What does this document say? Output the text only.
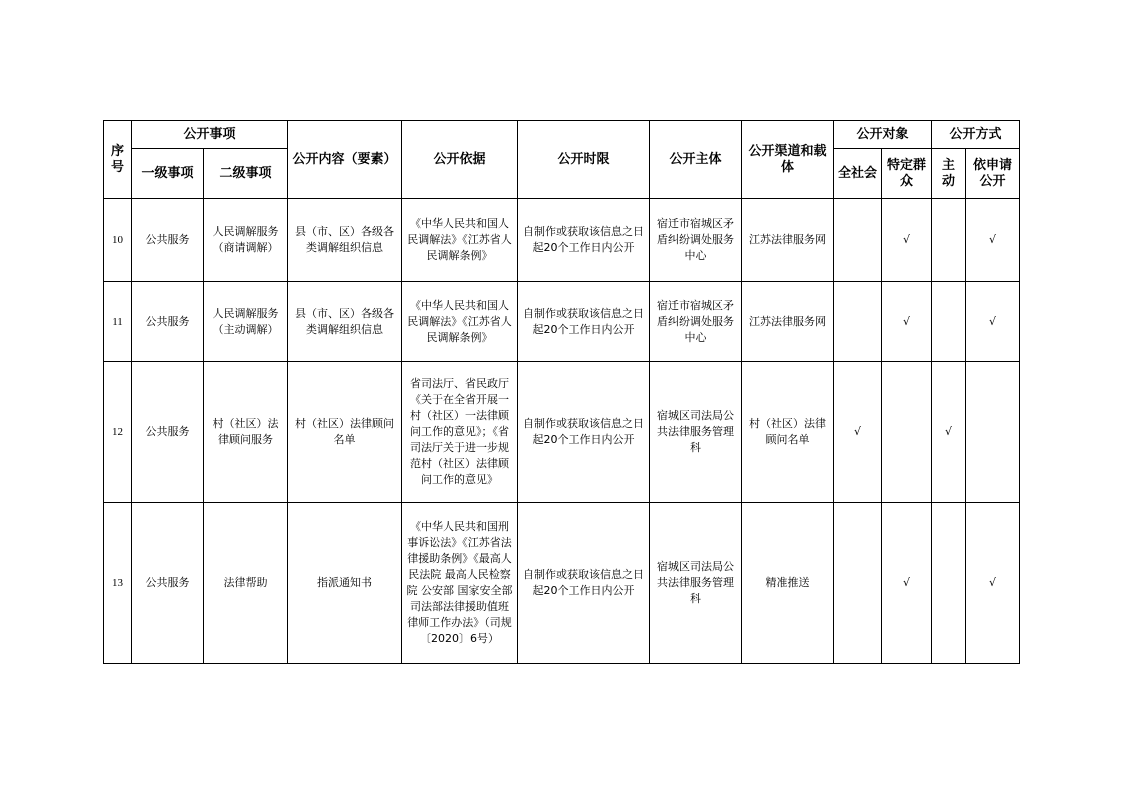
序号	公开事项		公开内容（要素）	公开依据	公开时限	公开主体	公开渠道和载体	公开对象		公开方式	
	一级事项	二级事项						全社会	特定群众	主动	依申请公开
10	公共服务	人民调解服务（商请调解）	县（市、区）各级各类调解组织信息	《中华人民共和国人民调解法》《江苏省人民调解条例》	自制作或获取该信息之日起20个工作日内公开	宿迁市宿城区矛盾纠纷调处服务中心	江苏法律服务网		√		√
11	公共服务	人民调解服务（主动调解）	县（市、区）各级各类调解组织信息	《中华人民共和国人民调解法》《江苏省人民调解条例》	自制作或获取该信息之日起20个工作日内公开	宿迁市宿城区矛盾纠纷调处服务中心	江苏法律服务网		√		√
12	公共服务	村（社区）法律顾问服务	村（社区）法律顾问名单	省司法厅、省民政厅《关于在全省开展一村（社区）一法律顾问工作的意见》；《省司法厅关于进一步规范村（社区）法律顾问工作的意见》	自制作或获取该信息之日起20个工作日内公开	宿城区司法局公共法律服务管理科	村（社区）法律顾问名单	√		√	
13	公共服务	法律帮助	指派通知书	《中华人民共和国刑事诉讼法》《江苏省法律援助条例》《最高人民法院 最高人民检察院 公安部 国家安全部 司法部法律援助值班律师工作办法》（司规〔2020〕6号）	自制作或获取该信息之日起20个工作日内公开	宿城区司法局公共法律服务管理科	精准推送		√		√
